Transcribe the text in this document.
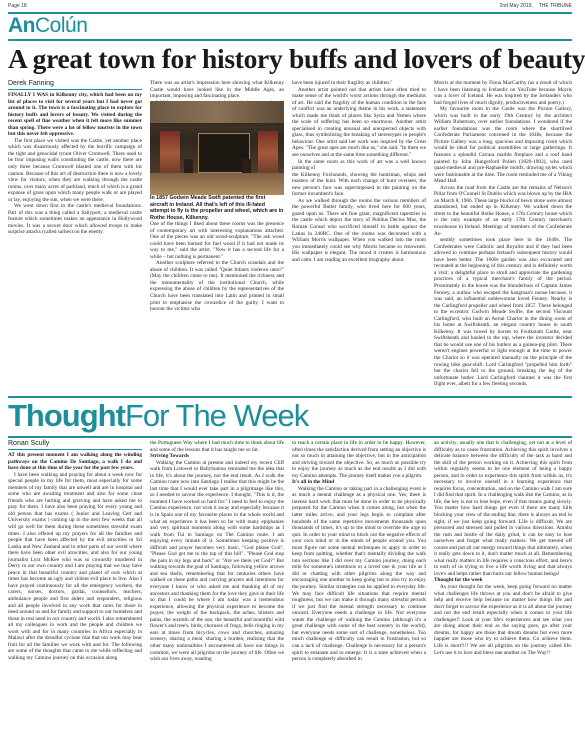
Page 18	2nd May 2019, THE TRIBUNE
AnColún
A great town for history buffs and lovers of beauty
Derek Fanning

FINALLY I WAS in Kilkenny city, which had been on my list of places to visit for several years but I had never got around to it. The town is a fascinating place to explore for history buffs and lovers of beauty. We visited during the recent spell of fine weather when it felt more like summer than spring. There were a lot of fellow tourists in the town but this never felt oppressive.

The first place we visited was the Castle, yet another place which was disastrously affected by the horrific campaign of the tight and genocidal tyrant Oliver Cromwell. There used to be four imposing walls constituting the castle, now there are only three because Cromwell blasted one of them with his cannon. Because of this act of destruction there is now a lovely view for visitors, when they are walking through the castle rooms, over many acres of parkland, much of which is a grand expanse of grass upon which many people walk or are played or lay, enjoying the sun, when we were there.

We went down first to the castle's medieval foundations. Part of this was a thing called a Sallyport, a medieval castle feature which sometimes makes an appearance in Hollywood movies. It was a secure door which allowed troops to make surprise attacks (called sallies) on the enemy.

There was an artist's impression here showing what Kilkenny Castle would have looked like in the Middle Ages, an important, imposing and fascinating place.

In 1857 Godwin Meade Swift patented the first aircraft in Ireland. All that's left of this ill-fated attempt to fly is the propeller and wheel, which are in Rothe House, Kilkenny.

One of the things I liked about these rooms was the presence of contemporary art with interesting explanations attached. One of the pieces was an old wood-sculpture. "The ash wood could have been burned for fuel wood if it had not made its way to me," said the artist. "Now it has a second life for a while – but nothing is permanent."

Another sculpture referred to the Church scandals and the abuse of children. It was called "Quiet Infants violence unto?" (May the children come to me). It mentioned the richness and the monumentality of the institutional Church, while expressing the abuse of children by the representatives of the Church have been translated into Latin and printed in small print to emphasise the cowardice of the guilty. I want to honour the victims who

have been injured in their fragility as children."

Another artist pointed out that artists have often tried to make sense of the world's worst actions through the mediums of art. He said the fragility of the human condition in the face of conflict was an underlying theme in his work, a statement which made me think of places like Syria and Yemen where the scale of suffering has been so enormous. Another artist specialised in creating unusual and unexpected objects with glass, thus symbolising the breaking of stereotypes in people's behaviour. One artist said her work was inspired by the Great Apes. "The great apes are much like us," she said. "In them we see ourselves and at the same time something different."

In the same room as this work of art was a well known painting of

the Kilkenny Foxhounds, showing the huntsman, whips and masters of the hunt. With each change of hunt overseer, the new person's face was superimposed in the painting on the former incumbent's face.

As we walked through the rooms the various members of the powerful Butler family, who lived here for 600 years, gazed upon us. There are fine giant, magnificent tapestries in the castle which depict the story of Publius Decius Mus, the Roman Consul who sacrificed himself in battle against the Latins in 340BC. One of the rooms was decorated with a William Morris wallpaper. When you walked into the room you immediately could see why Morris became so renowned. His wallpaper is elegant. The mood it creates is harmonious and calm. I am reading an excellent biography about

Morris at the moment by Fiona MacCarthy (as a result of which I have been listening to Icelandic on YouTube because Morris was a lover of Iceland. He was inspired by the Icelanders who had forged lives of much dignity, productiveness and poetry.)

My favourite room in the Castle was the Picture Gallery, which was built in the early 19th Century by the architect William Robertson, over earlier foundations. I wondered if the earlier foundations was the room where the shortlived Confederate Parliament convened in the 1640s, because the Picture Gallery was a long, spacious and imposing room which would be ideal for political assemblies or large gatherings. It features a splendid Carrara marble fireplace and a roof hand painted by John Hungerford Pollen (1820-1902), who used quasi-medieval and pre-Raphaelite motifs, drawing styles which were fashionable at the time. The room reminded me of a Viking Mead Hall.

Across the road from the Castle are the remains of Nelson's Pillar from O'Connell St Dublin which was blown up by the IRA on March 8, 1966. These large blocks of hewn stone were almost abandoned, but ended up in Kilkenny. We walked down the street to the beautiful Rothe House, a 17th Century house which is the only example of an early 17th Century merchant's townhouse in Ireland. Meetings of members of the Confederate As-

sembly sometimes took place here in the 1640s. The Confederates were Catholic and Royalist and if they had been allowed to continue perhaps Ireland's subsequent history would have been better. The 1600s garden was also excavated and recreated at the beginning of this century and is definitely worth a visit; a delightful place to stroll and appreciate the gardening practices of a typical merchant's family of the period. Prominently in the house was the blunderbuss of Captain James Fenney, a outlaw who escaped the hangman's noose because, it was said, an influential noblewoman loved Fenney. Nearby is the Carlingford propeller and wheel from 1857. These belonged to the eccentric Godwin Meade Swifte, the second Viscount Carlingford, who built an Aerial Chariot in the dining room of his home at Swiftsheath, an elegant country house in south Kilkenny. It was towed by horses to Foulkstath Castle, near Swiftsheath and hauled to the top, where the inventor decided that he would use one of his butlers as a guinea-pig pilot. There weren't engines powerful or light enough at the time to power the Chariot so it was operated manually on the principle of the rowing bike gear-shift. Lord Carlingford "propelled him forth" but the chariot fell to the ground, breaking the leg of the unfortunate butler. Lord Carlingford claimed it was the first flight ever, albeit for a few fleeting seconds.

ThoughtFor The Week
Ronan Scully

AT this present moment I am walking along the winding pathways on the Camino De Santiago, a walk I do and have done at this time of the year for the past few years.

I have been walking and praying for about a week now for special people in my life for them, most especially for some members of my family that are unwell and are in hospital and some who are awaiting treatment and also for some close friends who are hurting and grieving and have asked me to pray for them. I have also been praying for every young and old person that has exams ( Junior and Leaving Cert and University exams ) coming up in the next few weeks that all will go well for them during these sometimes stressful exam times. I also offered up my prayers for all the families and people that have been affected by the evil atrocities in Sri Lanka and New Zealand and in other parts of our world where there have been other evil atrocities, and also for our young journalist Lyra McKee who was so cowardly murdered in Derry in our own country and I am praying that we may have peace in that beautiful country and planet of ours which at times has become an ugly and violent evil place to live. Also I have prayed continuously for all the emergency workers, the carers, nurses, doctors, gardai, counsellors, teachers, ambulance people and first aiders and responders, religious and all people involved in any work that cares for those in need around us and for family and support to our homeless and those in real need in our country and world. I also remembered all my colleagues in work and the people and children we work with and for in many countries in Africa especially in Malawi after the dreadful cyclone Idai that our work may bear fruit for all the families we work with and for. The following are some of the thoughts that came to me while reflecting and walking my Camino journey on this occasion along

the Portuguese Way where I had much time to think about life and some of the lessons that it has taught me so far.

Striving Towards

Walking the Camino at present and indeed my recent Cliff walk from Listowel to Ballybunion reminded me the idea that in life, it's about the journey, not the end result. As I walk the Camino route now into Santiago I realise that this might be the last time that I would ever take part in a pilgrimage like this, so I needed to savour the experience. I thought, "This is it, the moment I have worked so hard for." I need to feel to enjoy the Camino experience, not wish it away and especially because it is in Spain one of my favourite places in the whole world and what an experience it has been so far with many epiphanies and very spiritual moments along with some hardships as I walk from Tui to Santiago on The Camino route. I am enjoying every minute of it. Sometimes keeping positive is difficult and prayer becomes very basic, "God please God", "Please God get me to the top of this hill", "Please God stop the pain in my legs and back" or "Are we there yet God?" But walking towards the goal of Santiago, following yellow arrows and sea shells, remembering that for centuries others have walked on these paths and carrying prayers and intentions for everyone I know or who asked me and thanking all of my ancestors and thanking them for the love they gave in their life so that I could be where I am today was a tremendous experience, allowing the physical experience to become the prayer, the weight of the backpack, the aches, blisters and pains, the warmth of the sun, the beautiful and bountiful wild flower's and tree's, birds, choruses of frogs, bells ringing in my ears at times from bicycles, cows and churches, amazing scenery, sharing a meal, sharing a burden, realising that the other many nationalities I encountered all have our things in common, we were all pilgrims on the journey of life. Often we wish our lives away, wanting

to reach a certain place in life in order to be happy. However, often times the satisfaction derived from setting an objective is not so much in attaining the objective, but in the anticipation and striving toward the objective. So, as much as possible try to enjoy the journey as much as the end results as I did with my Camino attempts. The journey itself makes you a pilgrim.

It's all in the Mind

Walking the Camino or taking part in a challenging event is as much a mental challenge as a physical one. Yes, there is intense hard work that must be done in order to be physically prepared for the Camino when it comes along, but when the latter miles arrive, and your legs begin to complain after hundreds of the same repetitive movements thousands upon thousands of times, it's up to the mind to override the urge to quit. In order to your mind to block out the negative effects of your own mind or in the minds of people around you. You must figure out some mental techniques to apply in order to keep from quitting, whether that's mentally dividing the walk into sections like I did over my Camino journey, doing each mile for someone's intentions or a loved one in your life as I did or chatting with other pilgrims along the way and encouraging one another to keep going but to also try to enjoy the journey. Similar strategies can be applied to everyday life. We may face difficult life situations that require mental toughness, but we can make it through many stressful periods if we just find the mental strength necessary to continue onward. Everyone needs a challenge in life. Not everyone wants the challenge of walking the Camino (although it's a great challenge with some of the best scenery in the world), but everyone needs some sort of challenge, nonetheless. Too much challenge or difficulty can result in frustration, but so can a lack of challenge. Challenge is necessary for a person's spirit to emanate and to emerge. It is a state achieved when a person is completely absorbed in

an activity, usually one that is challenging, yet not at a level of difficulty as to cause frustration. Achieving this spirit involves a delicate balance between the difficulty of the task at hand and the skill of the person working on it. Achieving this spirit from within regularly seems to be one element of being a happy person, and in order to experience this spirit from within us, it's necessary to involve oneself in a learning experience that requires focus, concentration, and on the Camino walk I am sure I did find that spirit. In a challenging walk like the Camino, as in life, the key is not to lose hope, even if that means going slowly. You matter how hard things get even if there are many hills blocking your view of the ending line, there is always an end in sight, if we just keep going forward. Life is difficult. We are pressured and stressed and pulled in various directions. Amidst the rush and hustle of the daily grind, it can be easy to lose ourselves and forget what really matters. We get steered off course and put all our energy toward things that ultimately, when it really gets down to it, don't matter much at all. Remembering what really matters in life requires a conscious effort, and here's to each of us trying to live a life worth living and that always love's and helps rather than hurts our fellow human beings!

Thought for the week

As your thought for the week, keep going forward no matter what challenges life throws at you and don't be afraid to give help and receive help because no matter how things life and don't forget to savour the experience as it is all about the journey and not the end result especially when it comes to your life challenges!! Look at your life's experiences and see what you are doing about their end as the saying goes, go after your dreams, for happy are those that dream dreams but even more happier are those who try to achieve them. Go achieve them. Life is short!!!! We are all pilgrims on the journey called life. Let's use it to love and bless one another on The Way!!
